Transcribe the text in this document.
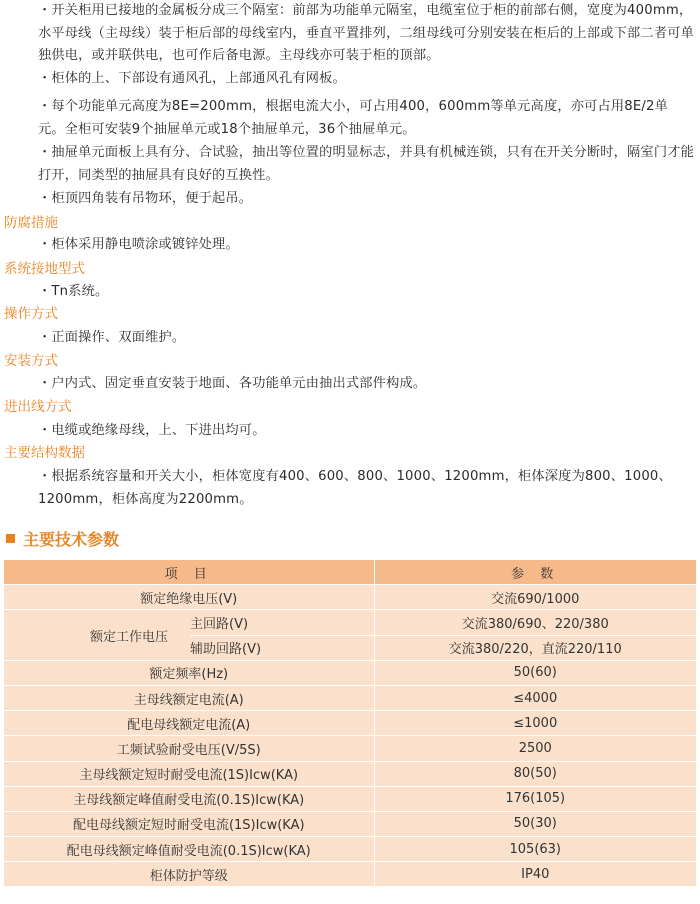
・开关柜用已接地的金属板分成三个隔室：前部为功能单元隔室，电缆室位于柜的前部右侧，宽度为400mm，水平母线（主母线）装于柜后部的母线室内，垂直平置排列，二组母线可分别安装在柜后的上部或下部二者可单独供电，或并联供电，也可作后备电源。主母线亦可装于柜的顶部。

・柜体的上、下部设有通风孔，上部通风孔有网板。

・每个功能单元高度为8E=200mm，根据电流大小，可占用400，600mm等单元高度，亦可占用8E/2单元。全柜可安装9个抽屉单元或18个抽屉单元，36个抽屉单元。

・抽屉单元面板上具有分、合试验，抽出等位置的明显标志，并具有机械连锁，只有在开关分断时，隔室门才能打开，同类型的抽屉具有良好的互换性。

・柜顶四角装有吊物环，便于起吊。

防腐措施

・柜体采用静电喷涂或镀锌处理。

系统接地型式

・Tn系统。

操作方式

・正面操作、双面维护。

安装方式

・户内式、固定垂直安装于地面、各功能单元由抽出式部件构成。

进出线方式

・电缆或绝缘母线，上、下进出均可。

主要结构数据

・根据系统容量和开关大小，柜体宽度有400、600、800、1000、1200mm，柜体深度为800、1000、1200mm，柜体高度为2200mm。

主要技术参数
项 目		参 数
额定绝缘电压(V)		交流690/1000
额定工作电压	主回路(V)	交流380/690、220/380
	辅助回路(V)	交流380/220，直流220/110
额定频率(Hz)		50(60)
主母线额定电流(A)		≤4000
配电母线额定电流(A)		≤1000
工频试验耐受电压(V/5S)		2500
主母线额定短时耐受电流(1S)Icw(KA)		80(50)
主母线额定峰值耐受电流(0.1S)Icw(KA)		176(105)
配电母线额定短时耐受电流(1S)Icw(KA)		50(30)
配电母线额定峰值耐受电流(0.1S)Icw(KA)		105(63)
柜体防护等级		IP40
